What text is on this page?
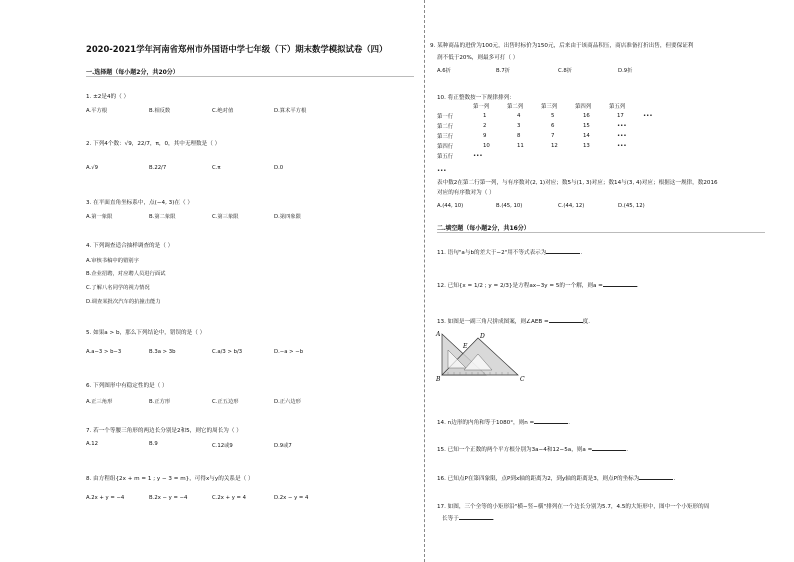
2020-2021学年河南省郑州市外国语中学七年级（下）期末数学模拟试卷（四）
一.选择题（每小题2分，共20分）
1. ±2是4的（ ）
A.平方根	B.相反数	C.绝对值	D.算术平方根
2. 下列4个数：√9，22/7，π，0，其中无理数是（ ）
A.√9	B.22/7	C.π	D.0
3. 在平面直角坐标系中，点(−4, 3)在（ ）
A.第一象限	B.第二象限	C.第三象限	D.第四象限
4. 下列调查适合抽样调查的是（ ）
A.审核书稿中的错别字
B.企业招聘，对应聘人员进行面试
C.了解八名同学的视力情况
D.调查某批次汽车的抗撞击能力
5. 如果a > b，那么下列结论中，错误的是（ ）
A.a−3 > b−3	B.3a > 3b	C.a/3 > b/3	D.−a > −b
6. 下列图形中有稳定性的是（ ）
A.正三角形	B.正方形	C.正五边形	D.正六边形
7. 若一个等腰三角形的两边长分别是2和5，则它的周长为（ ）
A.12	B.9	C.12或9	D.9或7
8. 由方程组{2x + m = 1 ; y − 3 = m}，可得x与y的关系是（ ）
A.2x + y = −4	B.2x − y = −4	C.2x + y = 4	D.2x − y = 4
9. 某种商品的进价为100元，出售时标价为150元，后来由于该商品积压，商店准备打折出售，但要保证利
润不低于20%，则最多可打（ ）
A.6折	B.7折	C.8折	D.9折
10. 将正整数按一下规律排列：
	第一列	第二列	第三列	第四列	第五列	
第一行	1	4	5	16	17	•••
第二行	2	3	6	15	•••	
第三行	9	8	7	14	•••	
第四行	10	11	12	13	•••	
第五行	•••					
•••
表中数2在第二行第一列，与有序数对(2, 1)对应；数5与(1, 3)对应；数14与(3, 4)对应；根据这一规律，数2016
对应的有序数对为（ ）
A.(44, 10)	B.(45, 10)	C.(44, 12)	D.(45, 12)
二.填空题（每小题2分，共16分）
11. 语句"a与b的差大于−2"用不等式表示为	.
12. 已知{x = 1/2 ; y = 2/3}是方程ax−3y = 5的一个解，则a =	.
13. 如图是一副三角尺拼成图案，则∠AEB =	度.
A
B	C
D
E
14. n边形的内角和等于1080°，则n =	.
15. 已知一个正数的两个平方根分别为3a−4和12−5a，则a =	.
16. 已知点P在第四象限，点P到x轴的距离为2，到y轴的距离是3，则点P的坐标为	.
17. 如图，三个全等的小矩形沿"横−竖−横"排列在一个边长分别为5.7，4.5的大矩形中，图中一个小矩形的周
长等于	.
